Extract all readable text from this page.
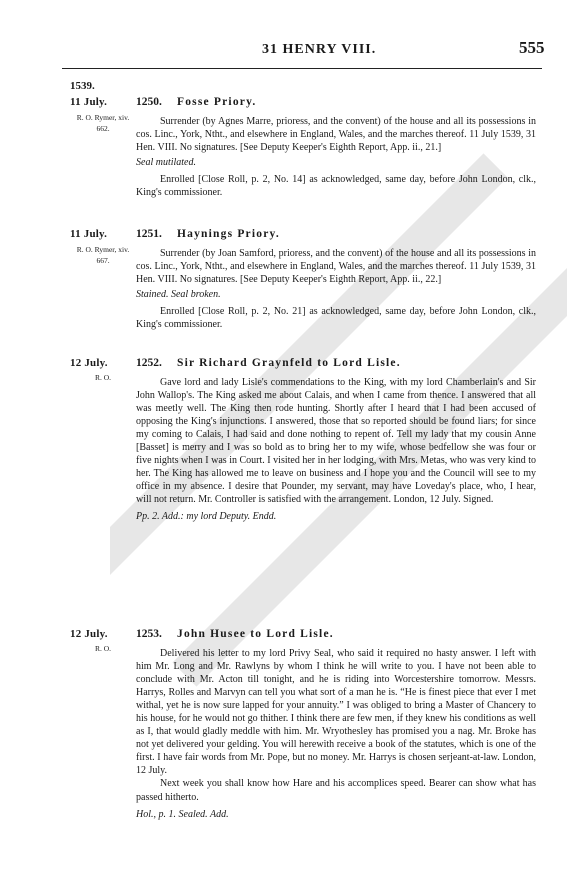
31 HENRY VIII.	555
1539.
11 July.
R. O. Rymer, xiv. 662.
1250. Fosse Priory.

Surrender (by Agnes Marre, prioress, and the convent) of the house and all its possessions in cos. Linc., York, Ntht., and elsewhere in England, Wales, and the marches thereof. 11 July 1539, 31 Hen. VIII. No signatures. [See Deputy Keeper's Eighth Report, App. ii., 21.]

Seal mutilated.

Enrolled [Close Roll, p. 2, No. 14] as acknowledged, same day, before John London, clk., King's commissioner.

11 July.
R. O. Rymer, xiv. 667.
1251. Haynings Priory.

Surrender (by Joan Samford, prioress, and the convent) of the house and all its possessions in cos. Linc., York, Ntht., and elsewhere in England, Wales, and the marches thereof. 11 July 1539, 31 Hen. VIII. No signatures. [See Deputy Keeper's Eighth Report, App. ii., 22.]

Stained. Seal broken.

Enrolled [Close Roll, p. 2, No. 21] as acknowledged, same day, before John London, clk., King's commissioner.

12 July.
R. O.
1252. Sir Richard Graynfeld to Lord Lisle.

Gave lord and lady Lisle's commendations to the King, with my lord Chamberlain's and Sir John Wallop's. The King asked me about Calais, and when I came from thence. I answered that all was meetly well. The King then rode hunting. Shortly after I heard that I had been accused of opposing the King's injunctions. I answered, those that so reported should be found liars; for since my coming to Calais, I had said and done nothing to repent of. Tell my lady that my cousin Anne [Basset] is merry and I was so bold as to bring her to my wife, whose bedfellow she was four or five nights when I was in Court. I visited her in her lodging, with Mrs. Metas, who was very kind to her. The King has allowed me to leave on business and I hope you and the Council will see to my office in my absence. I desire that Pounder, my servant, may have Loveday's place, who, I hear, will not return. Mr. Controller is satisfied with the arrangement. London, 12 July. Signed.

Pp. 2. Add.: my lord Deputy. Endd.

12 July.
R. O.
1253. John Husee to Lord Lisle.

Delivered his letter to my lord Privy Seal, who said it required no hasty answer. I left with him Mr. Long and Mr. Rawlyns by whom I think he will write to you. I have not been able to conclude with Mr. Acton till tonight, and he is riding into Worcestershire tomorrow. Messrs. Harrys, Rolles and Marvyn can tell you what sort of a man he is. “He is finest piece that ever I met withal, yet he is now sure lapped for your annuity.” I was obliged to bring a Master of Chancery to his house, for he would not go thither. I think there are few men, if they knew his conditions as well as I, that would gladly meddle with him. Mr. Wryothesley has promised you a nag. Mr. Broke has not yet delivered your gelding. You will herewith receive a book of the statutes, which is one of the first. I have fair words from Mr. Pope, but no money. Mr. Harrys is chosen serjeant-at-law. London, 12 July.

Next week you shall know how Hare and his accomplices speed. Bearer can show what has passed hitherto.

Hol., p. 1. Sealed. Add.
